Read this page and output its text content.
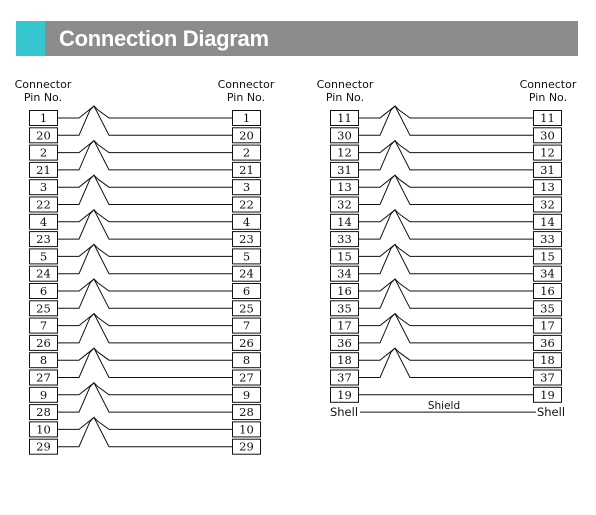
Connection Diagram
Connector
Pin No.
Connector
Pin No.
1
20
1
20
2
21
2
21
3
22
3
22
4
23
4
23
5
24
5
24
6
25
6
25
7
26
7
26
8
27
8
27
9
28
9
28
10
29
10
29
Connector
Pin No.
Connector
Pin No.
11
30
11
30
12
31
12
31
13
32
13
32
14
33
14
33
15
34
15
34
16
35
16
35
17
36
17
36
18
37
18
37
19	19
Shell	Shell
Shield
